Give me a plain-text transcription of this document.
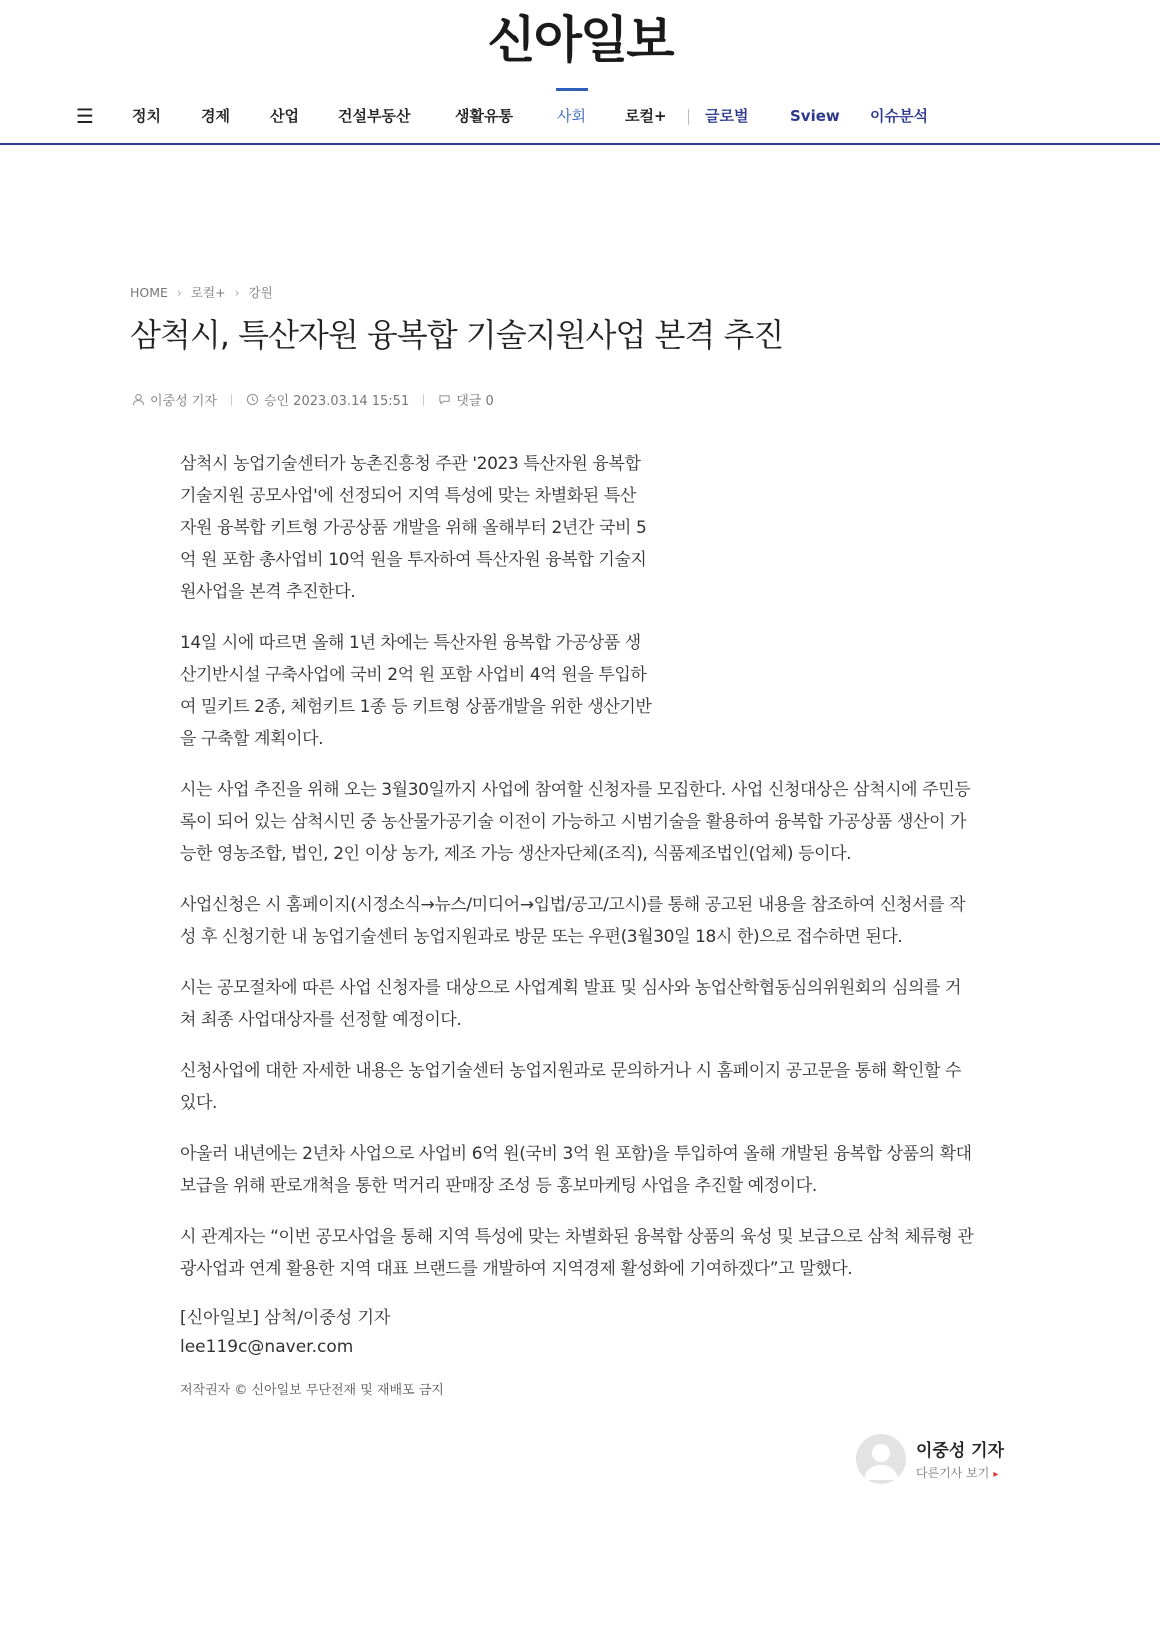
신아일보
☰	정치	경제	산업	건설부동산	생활유통	사회	로컬+	글로벌	Sview 이슈분석
HOME › 로컬+ › 강원
삼척시, 특산자원 융복합 기술지원사업 본격 추진
이중성 기자	승인 2023.03.14 15:51	댓글 0

삼척시 농업기술센터가 농촌진흥청 주관 '2023 특산자원 융복합
기술지원 공모사업'에 선정되어 지역 특성에 맞는 차별화된 특산
자원 융복합 키트형 가공상품 개발을 위해 올해부터 2년간 국비 5
억 원 포함 총사업비 10억 원을 투자하여 특산자원 융복합 기술지
원사업을 본격 추진한다.

14일 시에 따르면 올해 1년 차에는 특산자원 융복합 가공상품 생
산기반시설 구축사업에 국비 2억 원 포함 사업비 4억 원을 투입하
여 밀키트 2종, 체험키트 1종 등 키트형 상품개발을 위한 생산기반
을 구축할 계획이다.

시는 사업 추진을 위해 오는 3월30일까지 사업에 참여할 신청자를 모집한다. 사업 신청대상은 삼척시에 주민등
록이 되어 있는 삼척시민 중 농산물가공기술 이전이 가능하고 시범기술을 활용하여 융복합 가공상품 생산이 가
능한 영농조합, 법인, 2인 이상 농가, 제조 가능 생산자단체(조직), 식품제조법인(업체) 등이다.

사업신청은 시 홈페이지(시정소식→뉴스/미디어→입법/공고/고시)를 통해 공고된 내용을 참조하여 신청서를 작
성 후 신청기한 내 농업기술센터 농업지원과로 방문 또는 우편(3월30일 18시 한)으로 접수하면 된다.

시는 공모절차에 따른 사업 신청자를 대상으로 사업계획 발표 및 심사와 농업산학협동심의위원회의 심의를 거
쳐 최종 사업대상자를 선정할 예정이다.

신청사업에 대한 자세한 내용은 농업기술센터 농업지원과로 문의하거나 시 홈페이지 공고문을 통해 확인할 수
있다.

아울러 내년에는 2년차 사업으로 사업비 6억 원(국비 3억 원 포함)을 투입하여 올해 개발된 융복합 상품의 확대
보급을 위해 판로개척을 통한 먹거리 판매장 조성 등 홍보마케팅 사업을 추진할 예정이다.

시 관계자는 “이번 공모사업을 통해 지역 특성에 맞는 차별화된 융복합 상품의 육성 및 보급으로 삼척 체류형 관
광사업과 연계 활용한 지역 대표 브랜드를 개발하여 지역경제 활성화에 기여하겠다”고 말했다.

[신아일보] 삼척/이중성 기자
lee119c@naver.com
저작권자 © 신아일보 무단전재 및 재배포 금지
이중성 기자
다른기사 보기 ▸
